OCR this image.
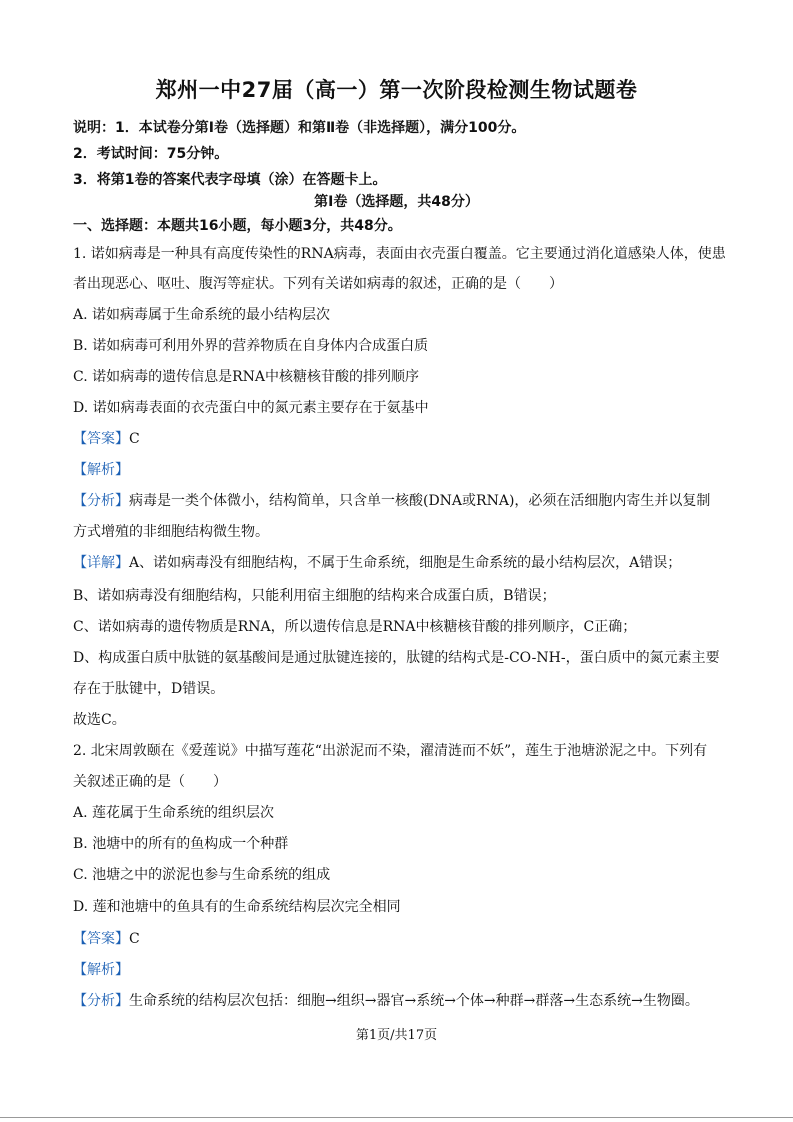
郑州一中27届（高一）第一次阶段检测生物试题卷
说明：1．本试卷分第I卷（选择题）和第Ⅱ卷（非选择题），满分100分。
2．考试时间：75分钟。
3．将第1卷的答案代表字母填（涂）在答题卡上。
第I卷（选择题，共48分）
一、选择题：本题共16小题，每小题3分，共48分。
1. 诺如病毒是一种具有高度传染性的RNA病毒，表面由衣壳蛋白覆盖。它主要通过消化道感染人体，使患
者出现恶心、呕吐、腹泻等症状。下列有关诺如病毒的叙述，正确的是（　　）
A. 诺如病毒属于生命系统的最小结构层次
B. 诺如病毒可利用外界的营养物质在自身体内合成蛋白质
C. 诺如病毒的遗传信息是RNA中核糖核苷酸的排列顺序
D. 诺如病毒表面的衣壳蛋白中的氮元素主要存在于氨基中
【答案】C
【解析】
【分析】病毒是一类个体微小，结构简单，只含单一核酸(DNA或RNA)，必须在活细胞内寄生并以复制
方式增殖的非细胞结构微生物。
【详解】A、诺如病毒没有细胞结构，不属于生命系统，细胞是生命系统的最小结构层次，A错误；
B、诺如病毒没有细胞结构，只能利用宿主细胞的结构来合成蛋白质，B错误；
C、诺如病毒的遗传物质是RNA，所以遗传信息是RNA中核糖核苷酸的排列顺序，C正确；
D、构成蛋白质中肽链的氨基酸间是通过肽键连接的，肽键的结构式是-CO-NH-，蛋白质中的氮元素主要
存在于肽键中，D错误。
故选C。
2. 北宋周敦颐在《爱莲说》中描写莲花“出淤泥而不染，濯清涟而不妖”，莲生于池塘淤泥之中。下列有
关叙述正确的是（　　）
A. 莲花属于生命系统的组织层次
B. 池塘中的所有的鱼构成一个种群
C. 池塘之中的淤泥也参与生命系统的组成
D. 莲和池塘中的鱼具有的生命系统结构层次完全相同
【答案】C
【解析】
【分析】生命系统的结构层次包括：细胞→组织→器官→系统→个体→种群→群落→生态系统→生物圈。
第1页/共17页
